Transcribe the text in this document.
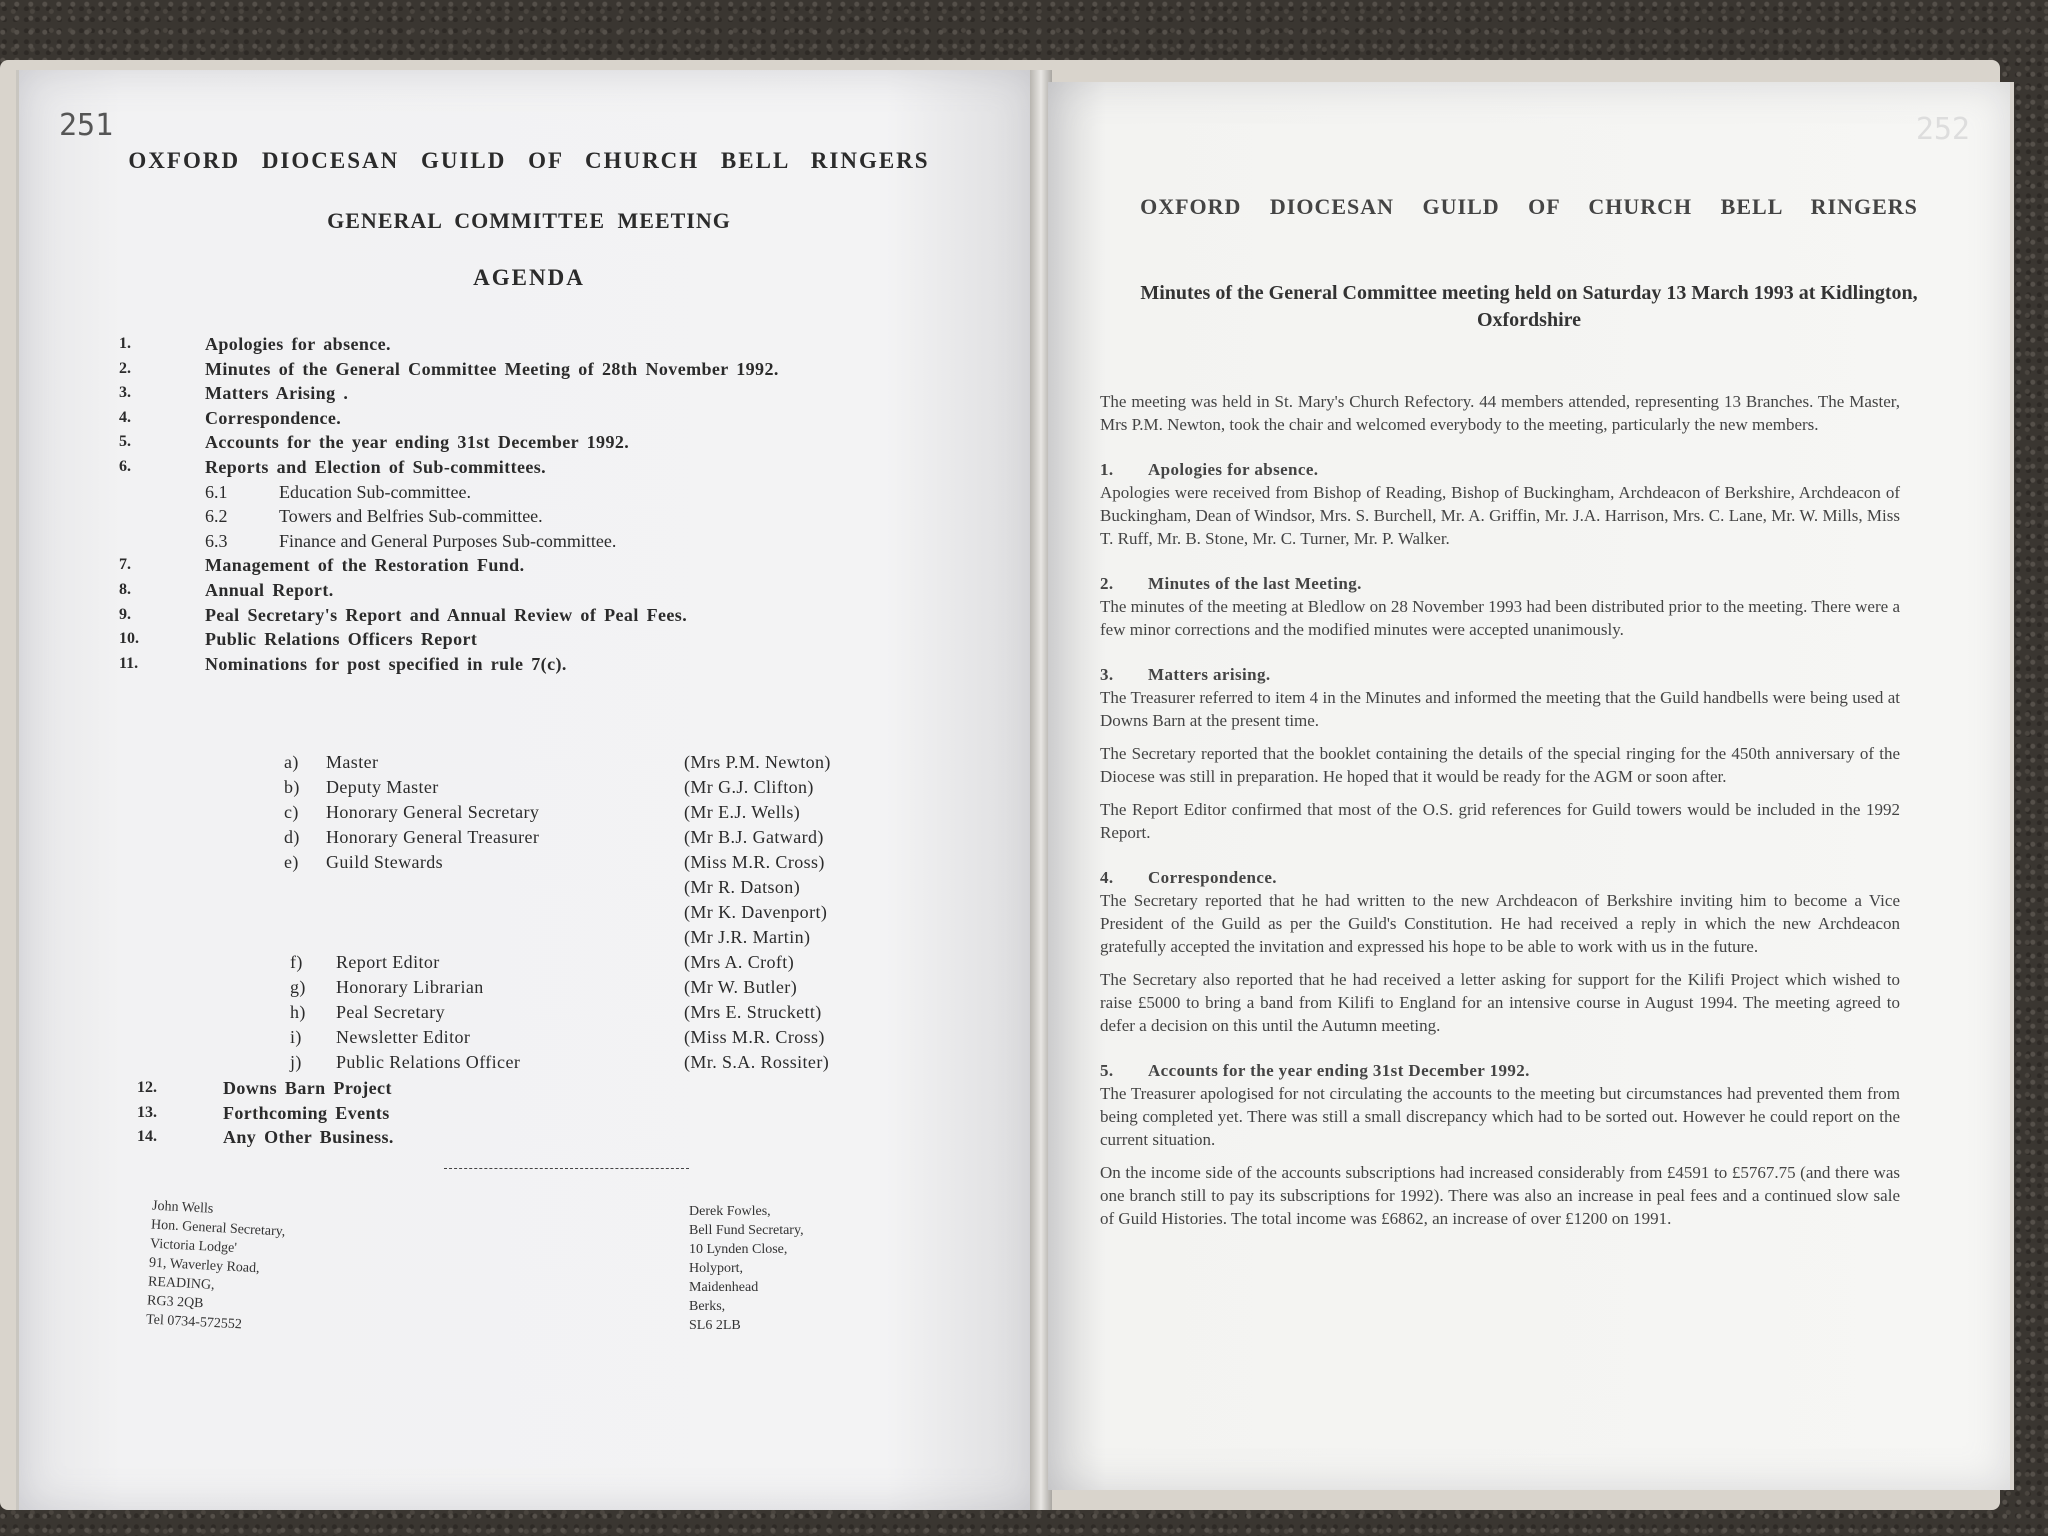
251
OXFORD DIOCESAN GUILD OF CHURCH BELL RINGERS
GENERAL COMMITTEE MEETING
AGENDA
1.	Apologies for absence.
2.	Minutes of the General Committee Meeting of 28th November 1992.
3.	Matters Arising .
4.	Correspondence.
5.	Accounts for the year ending 31st December 1992.
6.	Reports and Election of Sub-committees.
6.1	Education Sub-committee.
6.2	Towers and Belfries Sub-committee.
6.3	Finance and General Purposes Sub-committee.
7.	Management of the Restoration Fund.
8.	Annual Report.
9.	Peal Secretary's Report and Annual Review of Peal Fees.
10.	Public Relations Officers Report
11.	Nominations for post specified in rule 7(c).
a) Master	(Mrs P.M. Newton)
b) Deputy Master	(Mr G.J. Clifton)
c) Honorary General Secretary	(Mr E.J. Wells)
d) Honorary General Treasurer	(Mr B.J. Gatward)
e) Guild Stewards	(Miss M.R. Cross)
(Mr R. Datson)
(Mr K. Davenport)
(Mr J.R. Martin)
f) Report Editor	(Mrs A. Croft)
g) Honorary Librarian	(Mr W. Butler)
h) Peal Secretary	(Mrs E. Struckett)
i) Newsletter Editor	(Miss M.R. Cross)
j) Public Relations Officer	(Mr. S.A. Rossiter)
12.	Downs Barn Project
13.	Forthcoming Events
14.	Any Other Business.
John Wells
Hon. General Secretary,
Victoria Lodge'
91, Waverley Road,
READING,
RG3 2QB
Tel 0734-572552
Derek Fowles,
Bell Fund Secretary,
10 Lynden Close,
Holyport,
Maidenhead
Berks,
SL6 2LB
252
OXFORD DIOCESAN GUILD OF CHURCH BELL RINGERS
Minutes of the General Committee meeting held on Saturday 13 March 1993 at Kidlington, Oxfordshire

The meeting was held in St. Mary's Church Refectory. 44 members attended, representing 13 Branches. The Master, Mrs P.M. Newton, took the chair and welcomed everybody to the meeting, particularly the new members.

1. Apologies for absence.

Apologies were received from Bishop of Reading, Bishop of Buckingham, Archdeacon of Berkshire, Archdeacon of Buckingham, Dean of Windsor, Mrs. S. Burchell, Mr. A. Griffin, Mr. J.A. Harrison, Mrs. C. Lane, Mr. W. Mills, Miss T. Ruff, Mr. B. Stone, Mr. C. Turner, Mr. P. Walker.

2. Minutes of the last Meeting.

The minutes of the meeting at Bledlow on 28 November 1993 had been distributed prior to the meeting. There were a few minor corrections and the modified minutes were accepted unanimously.

3. Matters arising.

The Treasurer referred to item 4 in the Minutes and informed the meeting that the Guild handbells were being used at Downs Barn at the present time.

The Secretary reported that the booklet containing the details of the special ringing for the 450th anniversary of the Diocese was still in preparation. He hoped that it would be ready for the AGM or soon after.

The Report Editor confirmed that most of the O.S. grid references for Guild towers would be included in the 1992 Report.

4. Correspondence.

The Secretary reported that he had written to the new Archdeacon of Berkshire inviting him to become a Vice President of the Guild as per the Guild's Constitution. He had received a reply in which the new Archdeacon gratefully accepted the invitation and expressed his hope to be able to work with us in the future.

The Secretary also reported that he had received a letter asking for support for the Kilifi Project which wished to raise £5000 to bring a band from Kilifi to England for an intensive course in August 1994. The meeting agreed to defer a decision on this until the Autumn meeting.

5. Accounts for the year ending 31st December 1992.

The Treasurer apologised for not circulating the accounts to the meeting but circumstances had prevented them from being completed yet. There was still a small discrepancy which had to be sorted out. However he could report on the current situation.

On the income side of the accounts subscriptions had increased considerably from £4591 to £5767.75 (and there was one branch still to pay its subscriptions for 1992). There was also an increase in peal fees and a continued slow sale of Guild Histories. The total income was £6862, an increase of over £1200 on 1991.
